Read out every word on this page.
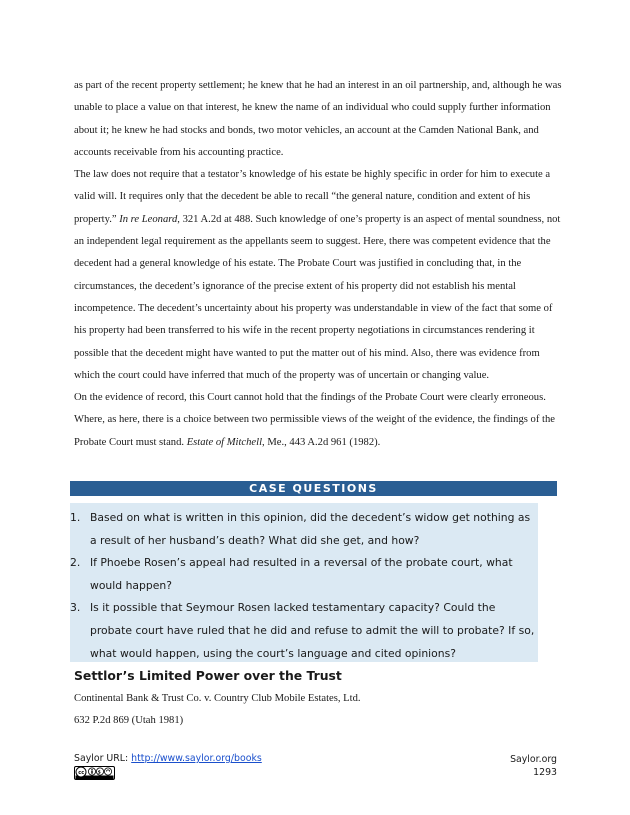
as part of the recent property settlement; he knew that he had an interest in an oil partnership, and, although he was unable to place a value on that interest, he knew the name of an individual who could supply further information about it; he knew he had stocks and bonds, two motor vehicles, an account at the Camden National Bank, and accounts receivable from his accounting practice.

The law does not require that a testator’s knowledge of his estate be highly specific in order for him to execute a valid will. It requires only that the decedent be able to recall “the general nature, condition and extent of his property.” In re Leonard, 321 A.2d at 488. Such knowledge of one’s property is an aspect of mental soundness, not an independent legal requirement as the appellants seem to suggest. Here, there was competent evidence that the decedent had a general knowledge of his estate. The Probate Court was justified in concluding that, in the circumstances, the decedent’s ignorance of the precise extent of his property did not establish his mental incompetence. The decedent’s uncertainty about his property was understandable in view of the fact that some of his property had been transferred to his wife in the recent property negotiations in circumstances rendering it possible that the decedent might have wanted to put the matter out of his mind. Also, there was evidence from which the court could have inferred that much of the property was of uncertain or changing value.

On the evidence of record, this Court cannot hold that the findings of the Probate Court were clearly erroneous. Where, as here, there is a choice between two permissible views of the weight of the evidence, the findings of the Probate Court must stand. Estate of Mitchell, Me., 443 A.2d 961 (1982).

CASE QUESTIONS
1. Based on what is written in this opinion, did the decedent’s widow get nothing as a result of her husband’s death? What did she get, and how?
2. If Phoebe Rosen’s appeal had resulted in a reversal of the probate court, what would happen?
3. Is it possible that Seymour Rosen lacked testamentary capacity? Could the probate court have ruled that he did and refuse to admit the will to probate? If so, what would happen, using the court’s language and cited opinions?
Settlor’s Limited Power over the Trust
Continental Bank & Trust Co. v. Country Club Mobile Estates, Ltd.
632 P.2d 869 (Utah 1981)
Saylor URL: http://www.saylor.org/books
cc	$
Saylor.org
1293
